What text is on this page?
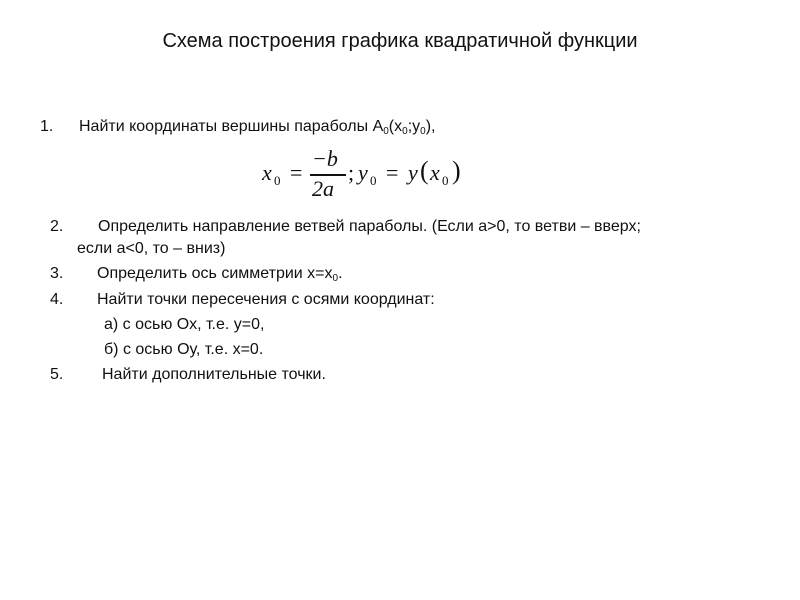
Схема построения графика квадратичной функции
1. Найти координаты вершины параболы $А_0(x_0;y_0)$,
x 0 =
−b
2a
; y 0 = y ( x 0 )
2. Определить направление ветвей параболы. (Если a>0, то ветви – вверх;
если а<0, то – вниз)
3. Определить ось симметрии $x=x_0$.
4. Найти точки пересечения с осями координат:
а) с осью Ох, т.е. у=0,
б) с осью Оу, т.е. х=0.
5. Найти дополнительные точки.
